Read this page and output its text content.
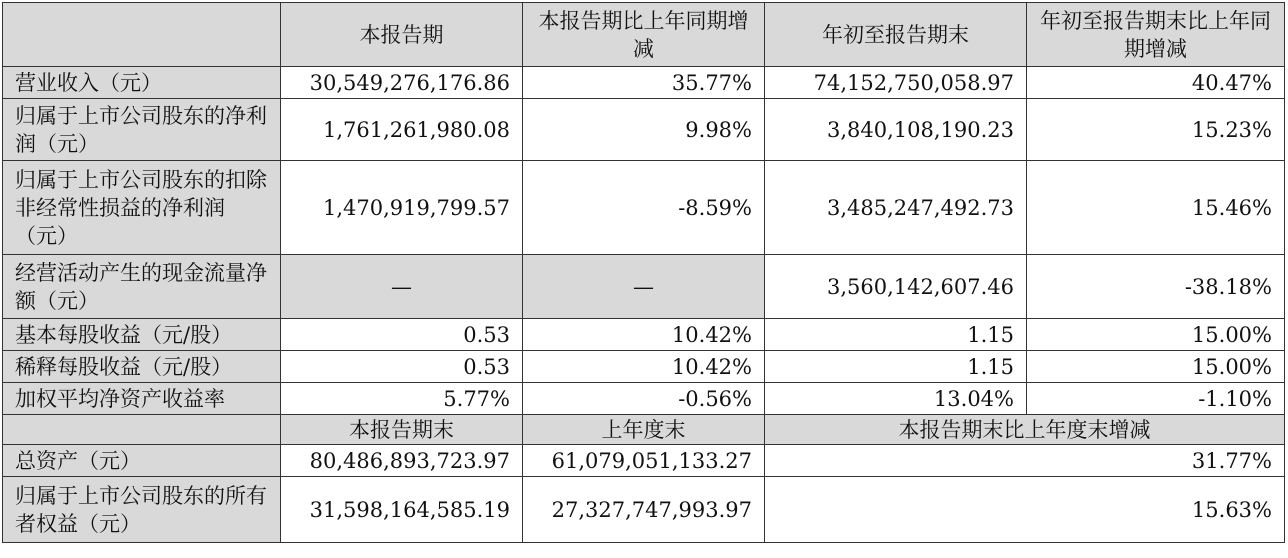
	本报告期	本报告期比上年同期增减	年初至报告期末	年初至报告期末比上年同期增减
营业收入（元）	30,549,276,176.86	35.77%	74,152,750,058.97	40.47%
归属于上市公司股东的净利润（元）	1,761,261,980.08	9.98%	3,840,108,190.23	15.23%
归属于上市公司股东的扣除非经常性损益的净利润（元）	1,470,919,799.57	-8.59%	3,485,247,492.73	15.46%
经营活动产生的现金流量净额（元）	—	—	3,560,142,607.46	-38.18%
基本每股收益（元/股）	0.53	10.42%	1.15	15.00%
稀释每股收益（元/股）	0.53	10.42%	1.15	15.00%
加权平均净资产收益率	5.77%	-0.56%	13.04%	-1.10%
	本报告期末	上年度末	本报告期末比上年度末增减	
总资产（元）	80,486,893,723.97	61,079,051,133.27	31.77%	
归属于上市公司股东的所有者权益（元）	31,598,164,585.19	27,327,747,993.97	15.63%	
